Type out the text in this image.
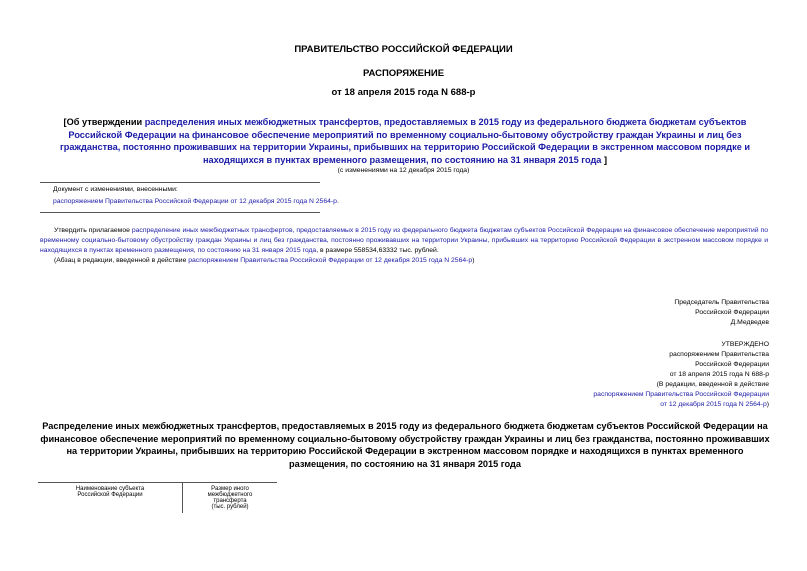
ПРАВИТЕЛЬСТВО РОССИЙСКОЙ ФЕДЕРАЦИИ
РАСПОРЯЖЕНИЕ
от 18 апреля 2015 года N 688-р
[Об утверждении распределения иных межбюджетных трансфертов, предоставляемых в 2015 году из федерального бюджета бюджетам субъектов Российской Федерации на финансовое обеспечение мероприятий по временному социально-бытовому обустройству граждан Украины и лиц без гражданства, постоянно проживавших на территории Украины, прибывших на территорию Российской Федерации в экстренном массовом порядке и находящихся в пунктах временного размещения, по состоянию на 31 января 2015 года ]
(с изменениями на 12 декабря 2015 года)
Документ с изменениями, внесенными:
распоряжением Правительства Российской Федерации от 12 декабря 2015 года N 2564-р.
Утвердить прилагаемое распределение иных межбюджетных трансфертов, предоставляемых в 2015 году из федерального бюджета бюджетам субъектов Российской Федерации на финансовое обеспечение мероприятий по временному социально-бытовому обустройству граждан Украины и лиц без гражданства, постоянно проживавших на территории Украины, прибывших на территорию Российской Федерации в экстренном массовом порядке и находящихся в пунктах временного размещения, по состоянию на 31 января 2015 года, в размере 558534,63332 тыс. рублей.
(Абзац в редакции, введенной в действие распоряжением Правительства Российской Федерации от 12 декабря 2015 года N 2564-р)
Председатель Правительства
Российской Федерации
Д.Медведев
УТВЕРЖДЕНО
распоряжением Правительства
Российской Федерации
от 18 апреля 2015 года N 688-р
(В редакции, введенной в действие
распоряжением Правительства Российской Федерации
от 12 декабря 2015 года N 2564-р)
Распределение иных межбюджетных трансфертов, предоставляемых в 2015 году из федерального бюджета бюджетам субъектов Российской Федерации на финансовое обеспечение мероприятий по временному социально-бытовому обустройству граждан Украины и лиц без гражданства, постоянно проживавших на территории Украины, прибывших на территорию Российской Федерации в экстренном массовом порядке и находящихся в пунктах временного размещения, по состоянию на 31 января 2015 года
Наименование субъекта
Российской Федерации

Размер иного
межбюджетного
трансферта
(тыс. рублей)
